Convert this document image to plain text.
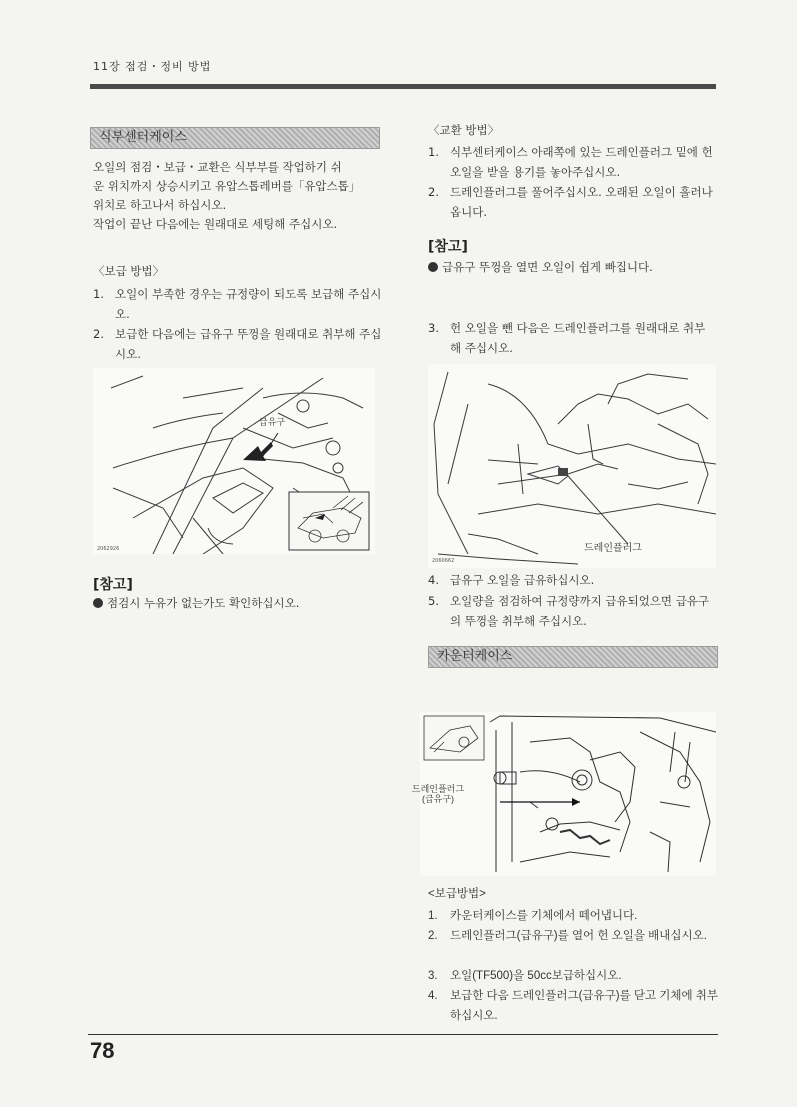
11장 점검・정비 방법
식부센터케이스
오일의 점검・보급・교환은 식부부를 작업하기 쉬
운 위치까지 상승시키고 유압스톱레버를「유압스톱」
위치로 하고나서 하십시오.
작업이 끝난 다음에는 원래대로 세팅해 주십시오.
〈보급 방법〉
1. 오일이 부족한 경우는 규정량이 되도록 보급해 주십시오.
2. 보급한 다음에는 급유구 뚜껑을 원래대로 취부해 주십시오.
급유구
2062926
[참고]
점검시 누유가 없는가도 확인하십시오.
〈교환 방법〉
1. 식부센터케이스 아래쪽에 있는 드레인플러그 밑에 헌 오일을 받을 용기를 놓아주십시오.
2. 드레인플러그를 풀어주십시오. 오래된 오일이 흘러나옵니다.
[참고]
급유구 뚜껑을 열면 오일이 쉽게 빠집니다.
3. 헌 오일을 뺀 다음은 드레인플러그를 원래대로 취부해 주십시오.
드레인플러그
2060662
4. 급유구 오일을 급유하십시오.
5. 오일량을 점검하여 규정량까지 급유되었으면 급유구의 뚜껑을 취부해 주십시오.
카운터케이스
드레인플러그
(급유구)
<보급방법>
1.	카운터케이스를 기체에서 떼어냅니다.
2.	드레인플러그(급유구)를 열어 헌 오일을 배내십시오.
3.	오일(TF500)을 50cc보급하십시오.
4.	보급한 다음 드레인플러그(급유구)를 닫고 기체에 취부하십시오.
78
